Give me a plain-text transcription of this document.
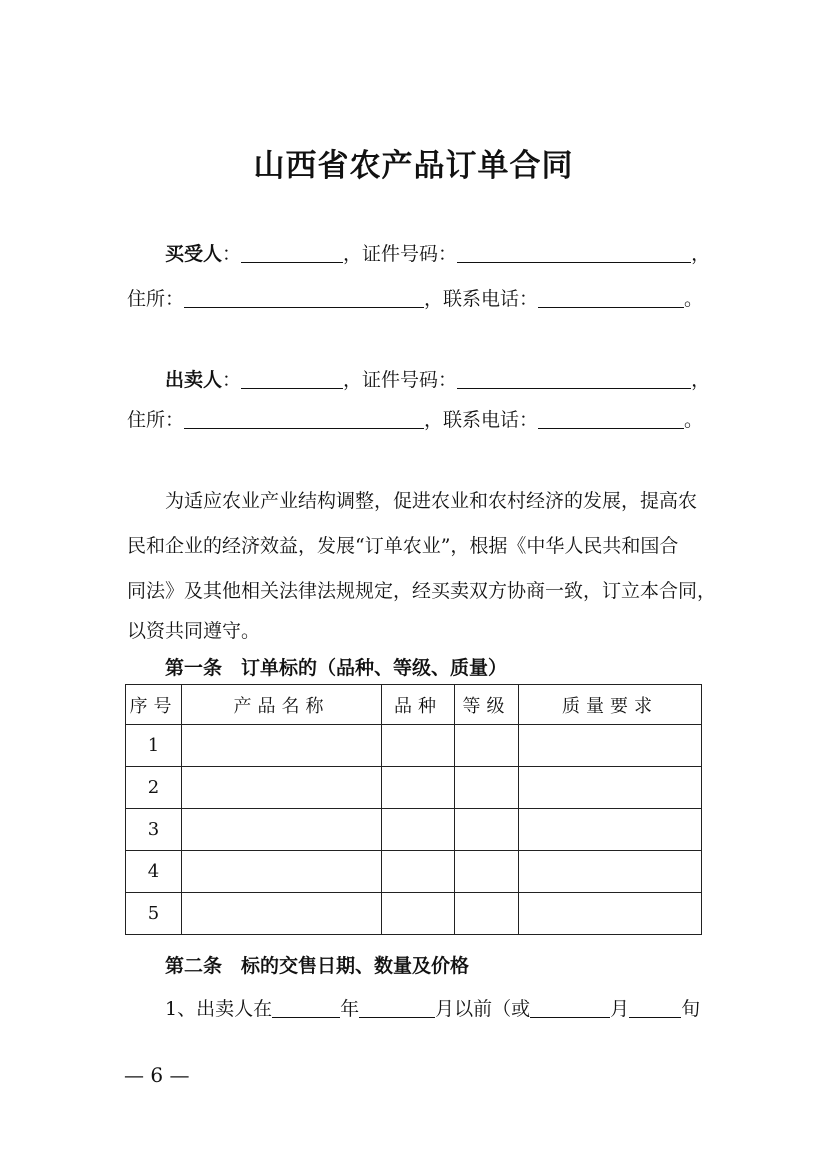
山西省农产品订单合同
买受人：	，证件号码：	，
住所：	，联系电话：	。
出卖人：	，证件号码：	，
住所：	，联系电话：	。
为适应农业产业结构调整，促进农业和农村经济的发展，提高农
民和企业的经济效益，发展“订单农业”，根据《中华人民共和国合
同法》及其他相关法律法规规定，经买卖双方协商一致，订立本合同，
以资共同遵守。
第一条　订单标的（品种、等级、质量）
序号	产品名称	品种	等级	质量要求
1				
2				
3				
4				
5				
第二条　标的交售日期、数量及价格
1、出卖人在	年	月以前（或	月	旬
— 6 —
